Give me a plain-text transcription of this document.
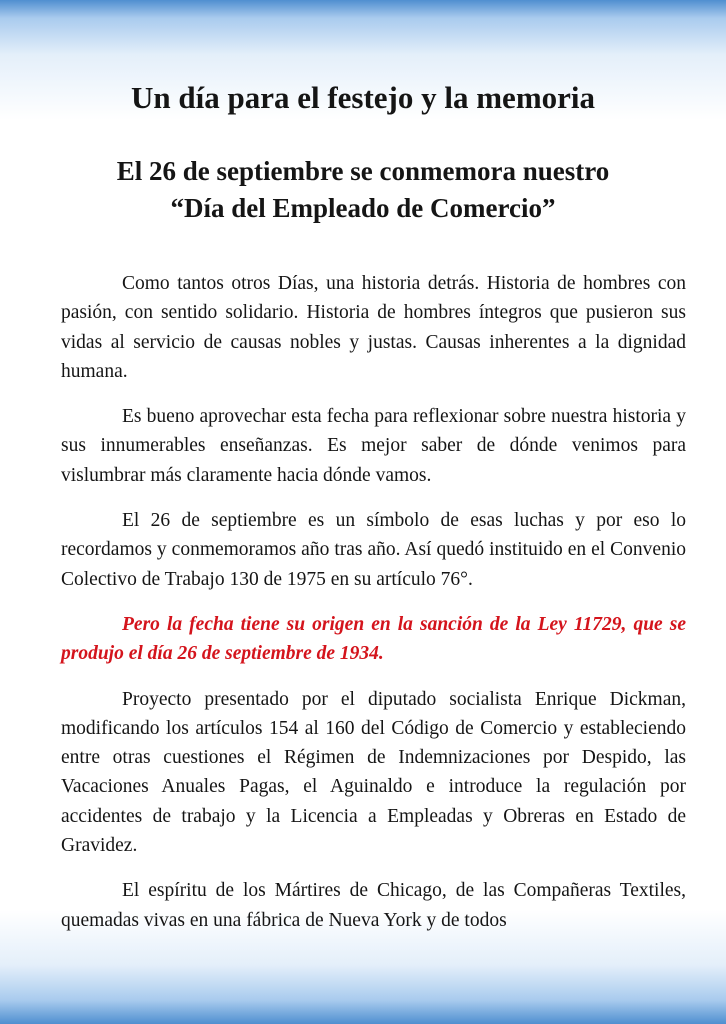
Un día para el festejo y la memoria
El 26 de septiembre se conmemora nuestro
“Día del Empleado de Comercio”

Como tantos otros Días, una historia detrás. Historia de hombres con pasión, con sentido solidario. Historia de hombres íntegros que pusieron sus vidas al servicio de causas nobles y justas. Causas inherentes a la dignidad humana.

Es bueno aprovechar esta fecha para reflexionar sobre nuestra historia y sus innumerables enseñanzas. Es mejor saber de dónde venimos para vislumbrar más claramente hacia dónde vamos.

El 26 de septiembre es un símbolo de esas luchas y por eso lo recordamos y conmemoramos año tras año. Así quedó instituido en el Convenio Colectivo de Trabajo 130 de 1975 en su artículo 76°.

Pero la fecha tiene su origen en la sanción de la Ley 11729, que se produjo el día 26 de septiembre de 1934.

Proyecto presentado por el diputado socialista Enrique Dickman, modificando los artículos 154 al 160 del Código de Comercio y estableciendo entre otras cuestiones el Régimen de Indemnizaciones por Despido, las Vacaciones Anuales Pagas, el Aguinaldo e introduce la regulación por accidentes de trabajo y la Licencia a Empleadas y Obreras en Estado de Gravidez.

El espíritu de los Mártires de Chicago, de las Compañeras Textiles, quemadas vivas en una fábrica de Nueva York y de todos
